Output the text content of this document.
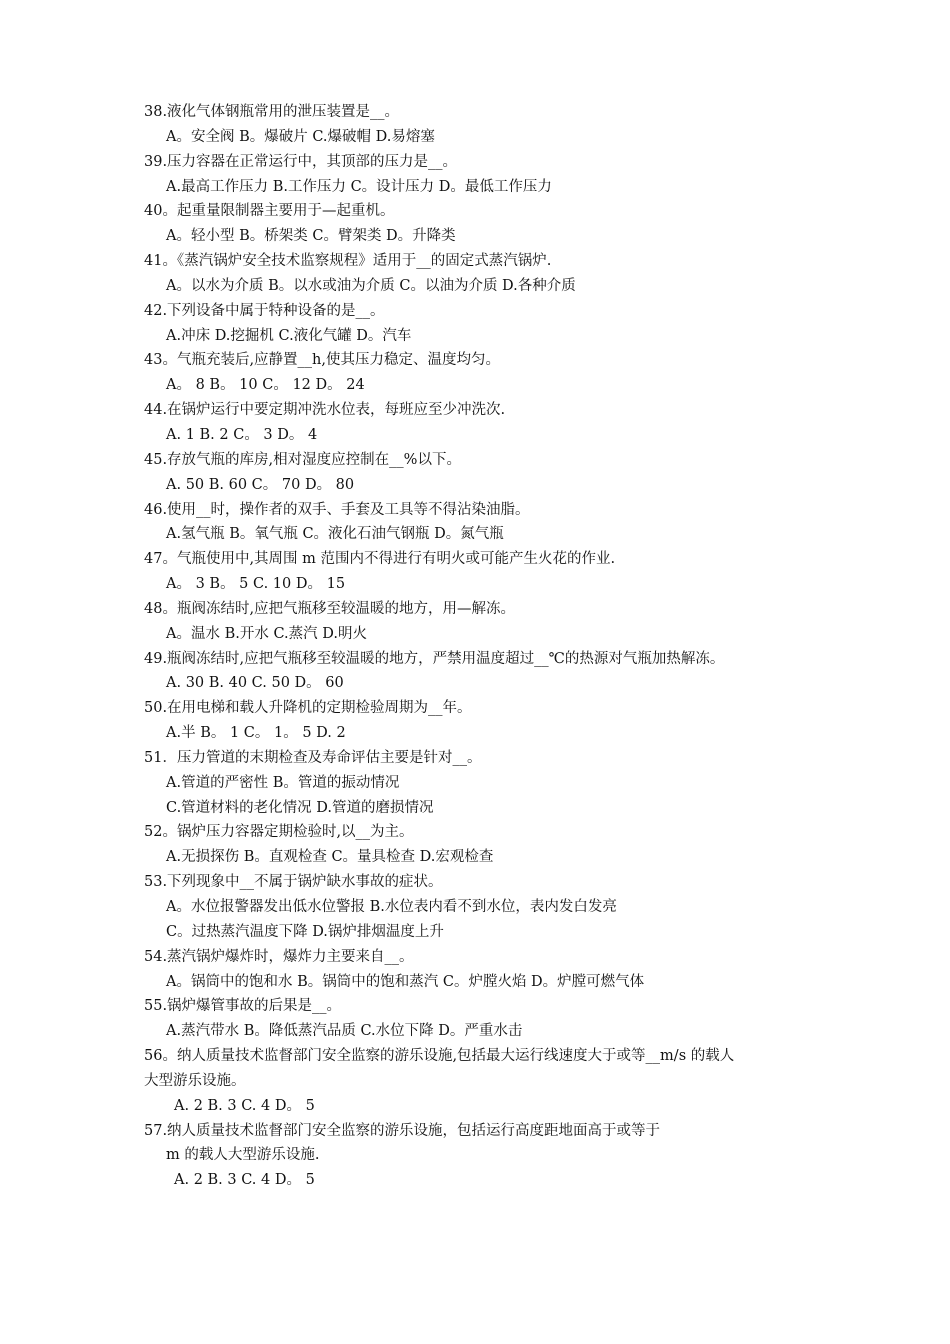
38.液化气体钢瓶常用的泄压装置是__。
A。安全阀 B。爆破片 C.爆破帽 D.易熔塞
39.压力容器在正常运行中，其顶部的压力是__。
A.最高工作压力 B.工作压力 C。设计压力 D。最低工作压力
40。起重量限制器主要用于—起重机。
A。轻小型 B。桥架类 C。臂架类 D。升降类
41。《蒸汽锅炉安全技术监察规程》适用于__的固定式蒸汽锅炉.
A。以水为介质 B。以水或油为介质 C。以油为介质 D.各种介质
42.下列设备中属于特种设备的是__。
A.冲床 D.挖掘机 C.液化气罐 D。汽车
43。气瓶充装后,应静置__h,使其压力稳定、温度均匀。
A。 8 B。 10 C。 12 D。 24
44.在锅炉运行中要定期冲洗水位表，每班应至少冲洗次.
A. 1 B. 2 C。 3 D。 4
45.存放气瓶的库房,相对湿度应控制在__%以下。
A. 50 B. 60 C。 70 D。 80
46.使用__时，操作者的双手、手套及工具等不得沾染油脂。
A.氢气瓶 B。氧气瓶 C。液化石油气钢瓶 D。氮气瓶
47。气瓶使用中,其周围 m 范围内不得进行有明火或可能产生火花的作业.
A。 3 B。 5 C. 10 D。 15
48。瓶阀冻结时,应把气瓶移至较温暖的地方，用—解冻。
A。温水 B.开水 C.蒸汽 D.明火
49.瓶阀冻结时,应把气瓶移至较温暖的地方，严禁用温度超过__℃的热源对气瓶加热解冻。
A. 30 B. 40 C. 50 D。 60
50.在用电梯和载人升降机的定期检验周期为__年。
A.半 B。 1 C。 1。 5 D. 2
51．压力管道的末期检查及寿命评估主要是针对__。
A.管道的严密性 B。管道的振动情况
C.管道材料的老化情况 D.管道的磨损情况
52。锅炉压力容器定期检验时,以__为主。
A.无损探伤 B。直观检查 C。量具检查 D.宏观检查
53.下列现象中__不属于锅炉缺水事故的症状。
A。水位报警器发出低水位警报 B.水位表内看不到水位，表内发白发亮
C。过热蒸汽温度下降 D.锅炉排烟温度上升
54.蒸汽锅炉爆炸时，爆炸力主要来自__。
A。锅筒中的饱和水 B。锅筒中的饱和蒸汽 C。炉膛火焰 D。炉膛可燃气体
55.锅炉爆管事故的后果是__。
A.蒸汽带水 B。降低蒸汽品质 C.水位下降 D。严重水击
56。纳人质量技术监督部门安全监察的游乐设施,包括最大运行线速度大于或等__m/s 的载人
大型游乐设施。
A. 2 B. 3 C. 4 D。 5
57.纳人质量技术监督部门安全监察的游乐设施，包括运行高度距地面高于或等于
m 的载人大型游乐设施.
A. 2 B. 3 C. 4 D。 5
